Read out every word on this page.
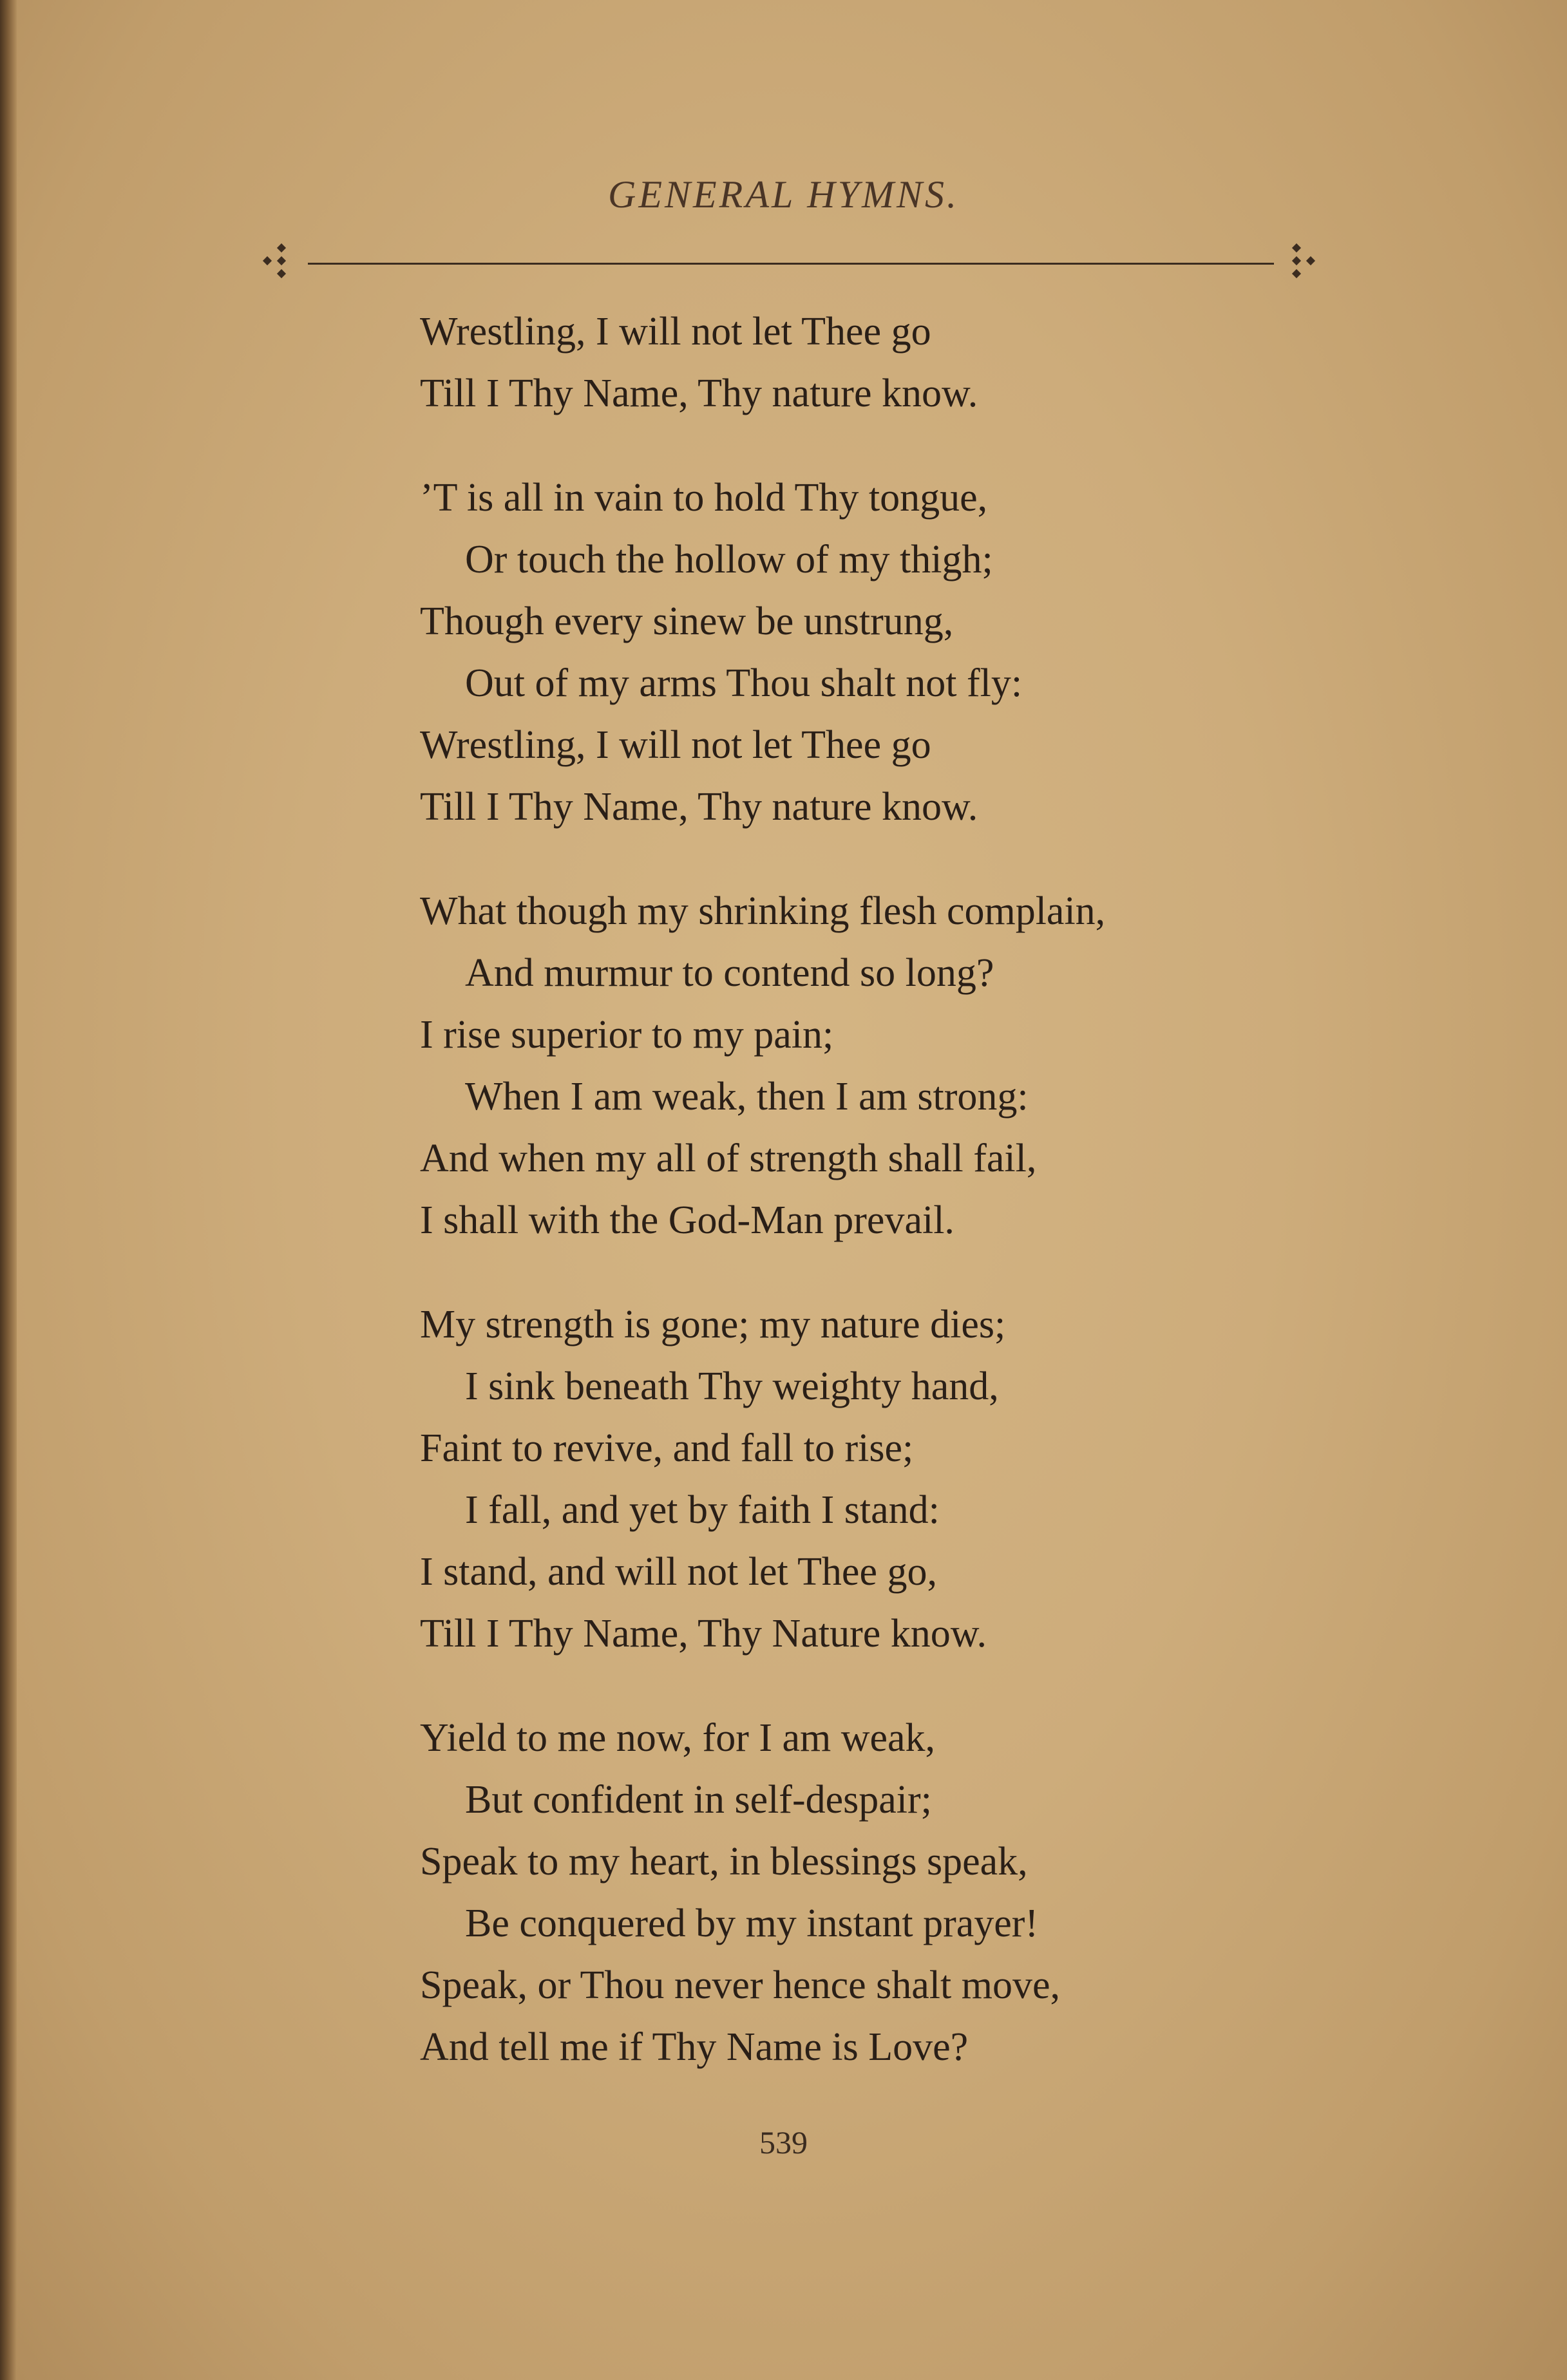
GENERAL HYMNS.
Wrestling, I will not let Thee go
Till I Thy Name, Thy nature know.
’T is all in vain to hold Thy tongue,
Or touch the hollow of my thigh;
Though every sinew be unstrung,
Out of my arms Thou shalt not fly:
Wrestling, I will not let Thee go
Till I Thy Name, Thy nature know.
What though my shrinking flesh complain,
And murmur to contend so long?
I rise superior to my pain;
When I am weak, then I am strong:
And when my all of strength shall fail,
I shall with the God-Man prevail.
My strength is gone; my nature dies;
I sink beneath Thy weighty hand,
Faint to revive, and fall to rise;
I fall, and yet by faith I stand:
I stand, and will not let Thee go,
Till I Thy Name, Thy Nature know.
Yield to me now, for I am weak,
But confident in self-despair;
Speak to my heart, in blessings speak,
Be conquered by my instant prayer!
Speak, or Thou never hence shalt move,
And tell me if Thy Name is Love?
539
